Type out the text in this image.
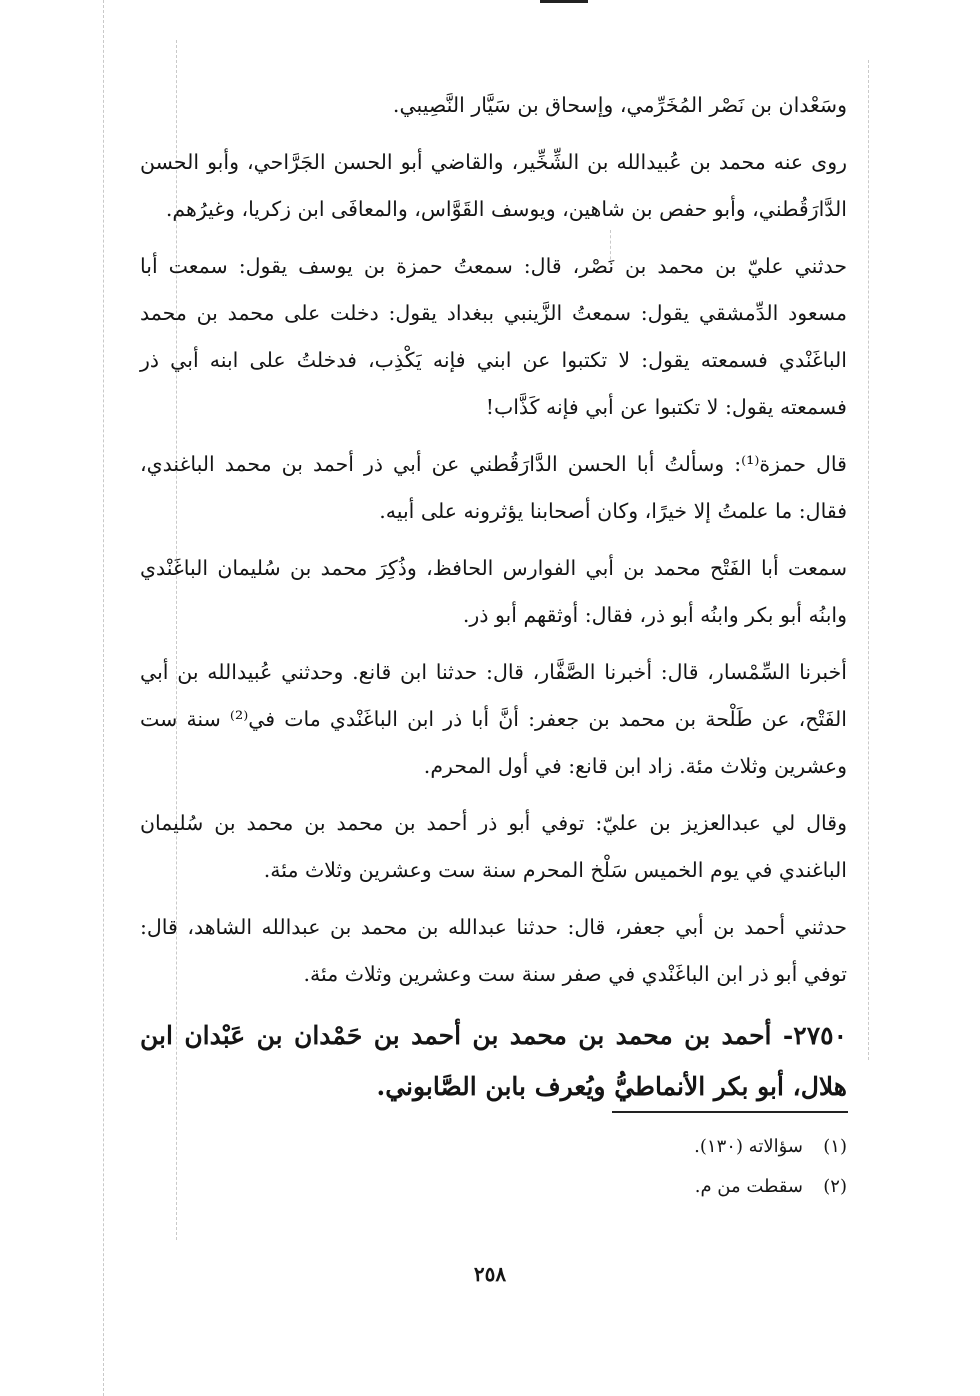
وسَعْدان بن نَصْر المُخَرِّمي، وإسحاق بن سَيَّار النَّصِيبي.

روى عنه محمد بن عُبيدالله بن الشِّخِّير، والقاضي أبو الحسن الجَرَّاحي، وأبو الحسن الدَّارَقُطني، وأبو حفص بن شاهين، ويوسف القَوَّاس، والمعافَى ابن زكريا، وغيرُهم.

حدثني عليّ بن محمد بن نَصْر، قال: سمعتُ حمزة بن يوسف يقول: سمعت أبا مسعود الدِّمشقي يقول: سمعتُ الزَّينبي ببغداد يقول: دخلت على محمد بن محمد الباغَنْدي فسمعته يقول: لا تكتبوا عن ابني فإنه يَكْذِب، فدخلتُ على ابنه أبي ذر فسمعته يقول: لا تكتبوا عن أبي فإنه كَذَّاب!

قال حمزة⁽¹⁾: وسألتُ أبا الحسن الدَّارَقُطني عن أبي ذر أحمد بن محمد الباغندي، فقال: ما علمتُ إلا خيرًا، وكان أصحابنا يؤثرونه على أبيه.

سمعت أبا الفَتْح محمد بن أبي الفوارس الحافظ، وذُكِرَ محمد بن سُليمان الباغَنْدي وابنُه أبو بكر وابنُه أبو ذر، فقال: أوثقهم أبو ذر.

أخبرنا السِّمْسار، قال: أخبرنا الصَّفَّار، قال: حدثنا ابن قانع. وحدثني عُبيدالله بن أبي الفَتْح، عن طَلْحة بن محمد بن جعفر: أنَّ أبا ذر ابن الباغَنْدي مات في⁽²⁾ سنة ست وعشرين وثلاث مئة. زاد ابن قانع: في أول المحرم.

وقال لي عبدالعزيز بن عليّ: توفي أبو ذر أحمد بن محمد بن محمد بن سُليمان الباغندي في يوم الخميس سَلْخ المحرم سنة ست وعشرين وثلاث مئة.

حدثني أحمد بن أبي جعفر، قال: حدثنا عبدالله بن محمد بن عبدالله الشاهد، قال: توفي أبو ذر ابن الباغَنْدي في صفر سنة ست وعشرين وثلاث مئة.

٢٧٥٠- أحمد بن محمد بن محمد بن أحمد بن حَمْدان بن عَبْدان ابن هلال، أبو بكر الأنماطيُّ ويُعرف بابن الصَّابوني.

(١)سؤالاته (١٣٠).
(٢)سقطت من م.
٢٥٨
